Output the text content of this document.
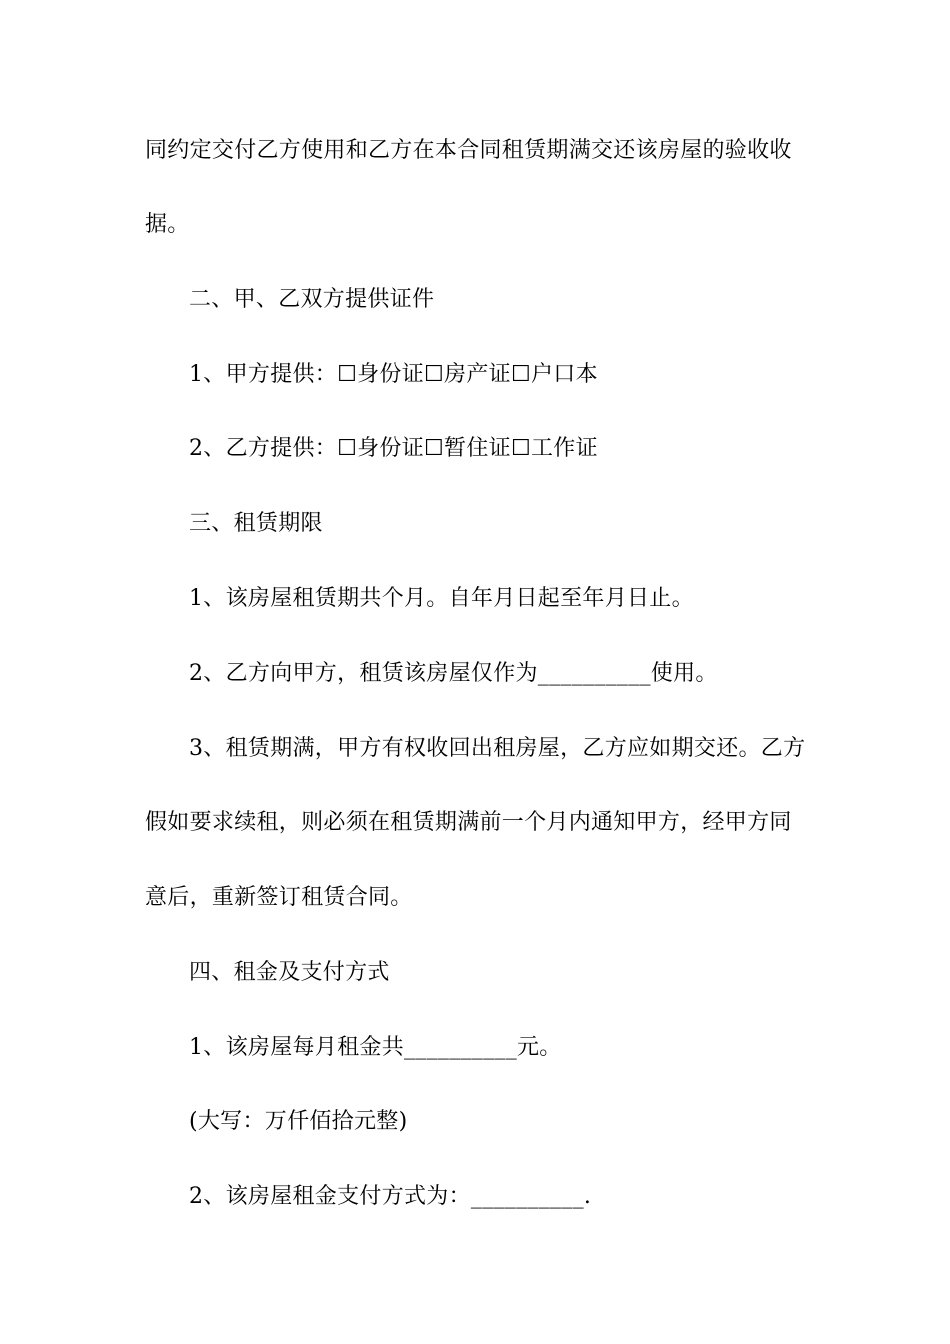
同约定交付乙方使用和乙方在本合同租赁期满交还该房屋的验收收
据。
二、甲、乙双方提供证件
1、甲方提供：☐身份证☐房产证☐户口本
2、乙方提供：☐身份证☐暂住证☐工作证
三、租赁期限
1、该房屋租赁期共个月。自年月日起至年月日止。
2、乙方向甲方，租赁该房屋仅作为__________使用。
3、租赁期满，甲方有权收回出租房屋，乙方应如期交还。乙方
假如要求续租，则必须在租赁期满前一个月内通知甲方，经甲方同
意后，重新签订租赁合同。
四、租金及支付方式
1、该房屋每月租金共__________元。
(大写：万仟佰拾元整)
2、该房屋租金支付方式为：__________.
